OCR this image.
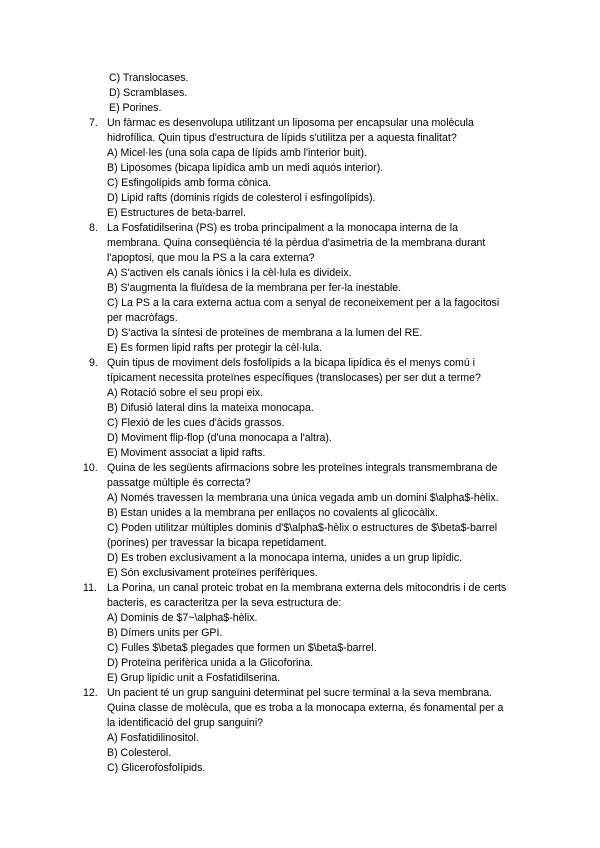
C) Translocases.
D) Scramblases.
E) Porines.
7. Un fàrmac es desenvolupa utilitzant un liposoma per encapsular una molècula
hidrofílica. Quin tipus d'estructura de lípids s'utilitza per a aquesta finalitat?
A) Micel·les (una sola capa de lípids amb l'interior buit).
B) Liposomes (bicapa lipídica amb un medi aquós interior).
C) Esfingolípids amb forma cònica.
D) Lipid rafts (dominis rígids de colesterol i esfingolípids).
E) Estructures de beta-barrel.
8. La Fosfatidilserina (PS) es troba principalment a la monocapa interna de la
membrana. Quina conseqüència té la pèrdua d'asimetria de la membrana durant
l'apoptosi, que mou la PS a la cara externa?
A) S'activen els canals iònics i la cèl·lula es divideix.
B) S'augmenta la fluïdesa de la membrana per fer-la inestable.
C) La PS a la cara externa actua com a senyal de reconeixement per a la fagocitosi
per macròfags.
D) S'activa la síntesi de proteïnes de membrana a la lumen del RE.
E) Es formen lipid rafts per protegir la cèl·lula.
9. Quin tipus de moviment dels fosfolípids a la bicapa lipídica és el menys comú i
típicament necessita proteïnes específiques (translocases) per ser dut a terme?
A) Rotació sobre el seu propi eix.
B) Difusió lateral dins la mateixa monocapa.
C) Flexió de les cues d'àcids grassos.
D) Moviment flip-flop (d'una monocapa a l'altra).
E) Moviment associat a lipid rafts.
10. Quina de les següents afirmacions sobre les proteïnes integrals transmembrana de
passatge múltiple és correcta?
A) Només travessen la membrana una única vegada amb un domini $\alpha$-hèlix.
B) Estan unides a la membrana per enllaços no covalents al glicocàlix.
C) Poden utilitzar múltiples dominis d'$\alpha$-hèlix o estructures de $\beta$-barrel
(porines) per travessar la bicapa repetidament.
D) Es troben exclusivament a la monocapa interna, unides a un grup lipídic.
E) Són exclusivament proteïnes perifèriques.
11. La Porina, un canal proteic trobat en la membrana externa dels mitocondris i de certs
bacteris, es caracteritza per la seva estructura de:
A) Dominis de $7~\alpha$-hèlix.
B) Dímers units per GPI.
C) Fulles $\beta$ plegades que formen un $\beta$-barrel.
D) Proteïna perifèrica unida a la Glicoforina.
E) Grup lipídic unit a Fosfatidilserina.
12. Un pacient té un grup sanguini determinat pel sucre terminal a la seva membrana.
Quina classe de molècula, que es troba a la monocapa externa, és fonamental per a
la identificació del grup sanguini?
A) Fosfatidilinositol.
B) Colesterol.
C) Glicerofosfolípids.
